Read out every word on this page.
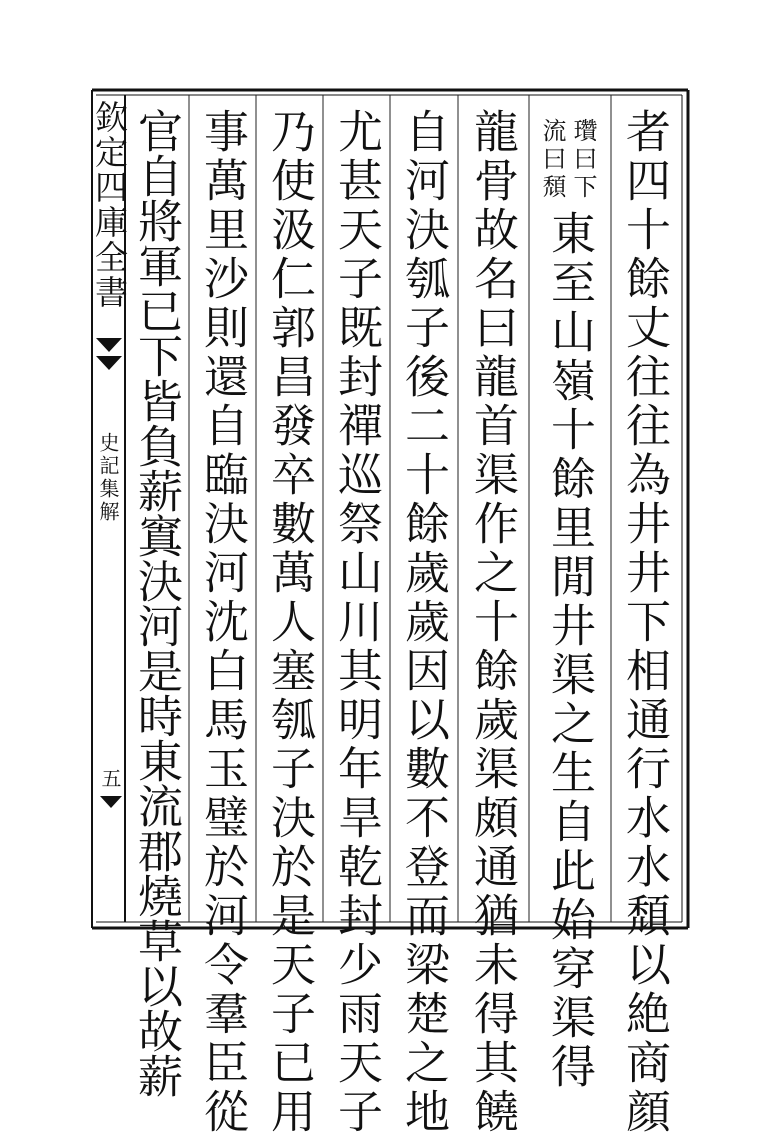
欽定四庫全書
史記集解
五	者四十餘丈往往為井井下相通行水水頹以絶商顔
瓚曰下
流曰頹
東至山嶺十餘里閒井渠之生自此始穿渠得
龍骨故名曰龍首渠作之十餘歲渠頗通猶未得其饒
自河決瓠子後二十餘歲歲因以數不登而梁楚之地
尤甚天子既封禪巡祭山川其明年旱乾封少雨天子
乃使汲仁郭昌發卒數萬人塞瓠子決於是天子已用
事萬里沙則還自臨決河沈白馬玉璧於河令羣臣從
官自將軍已下皆負薪窴決河是時東流郡燒草以故薪
